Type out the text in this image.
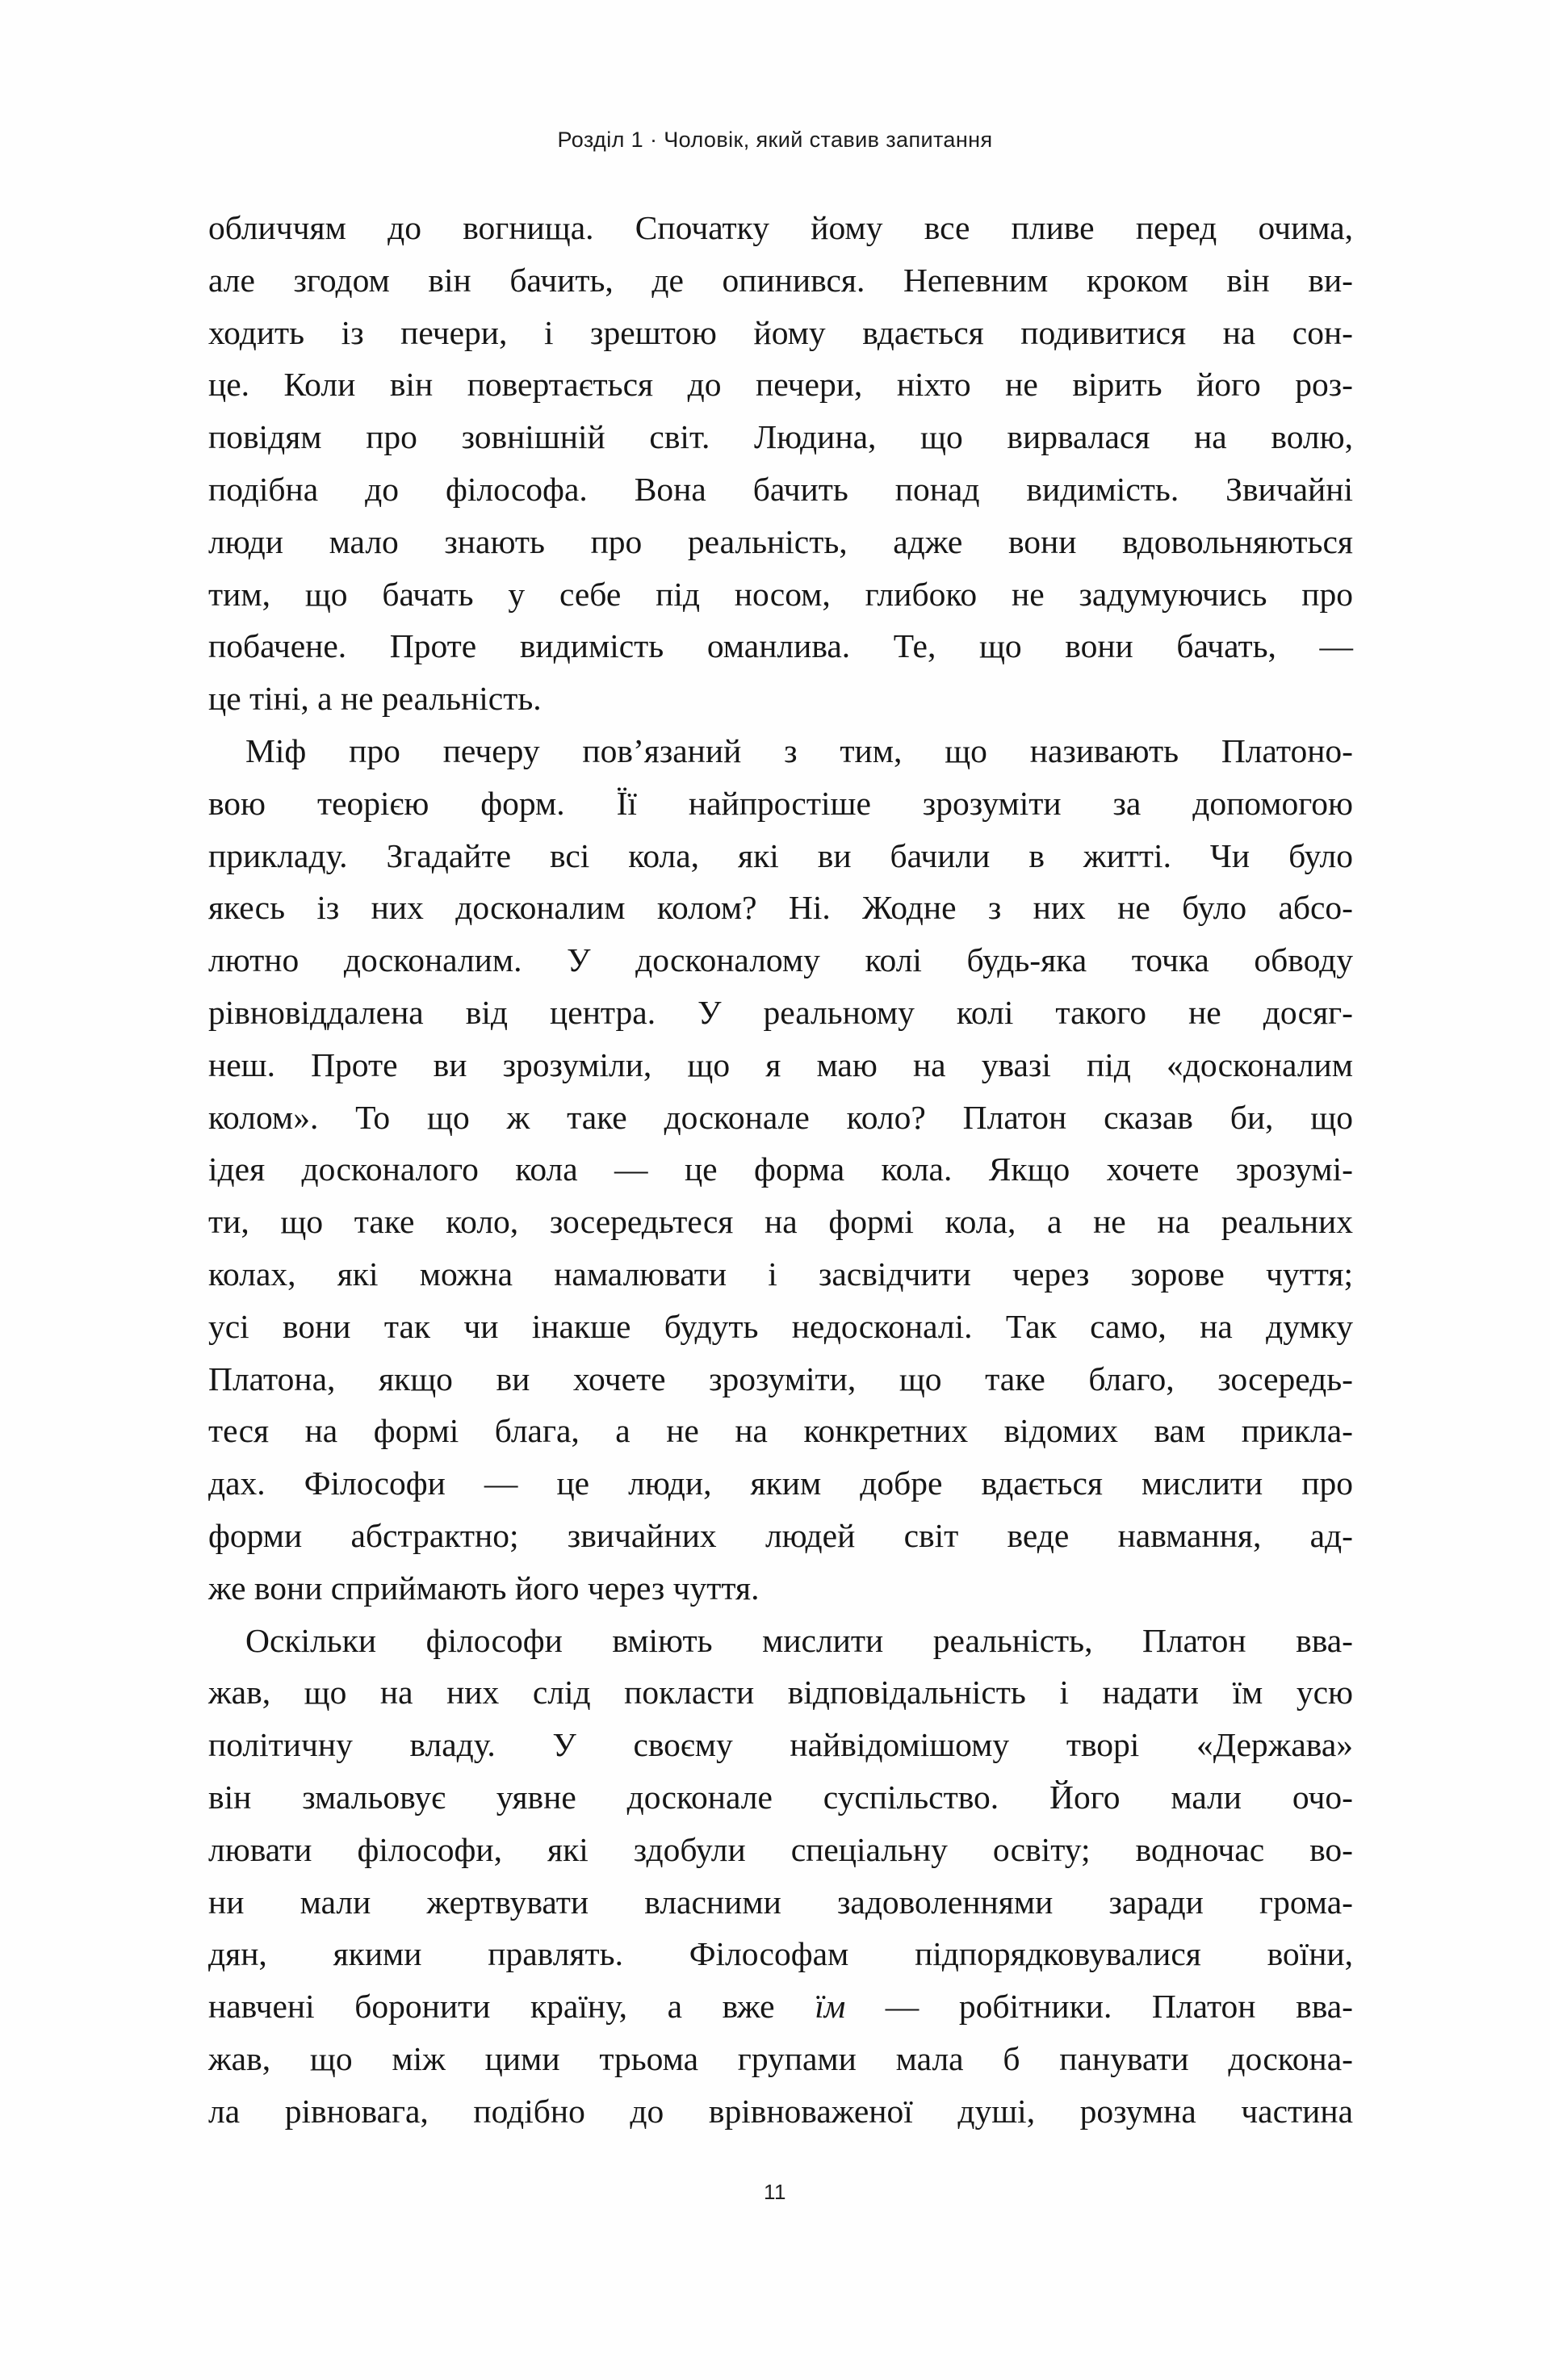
Розділ 1 · Чоловік, який ставив запитання
обличчям до вогнища. Спочатку йому все пливе перед очима,
але згодом він бачить, де опинився. Непевним кроком він ви-
ходить із печери, і зрештою йому вдається подивитися на сон-
це. Коли він повертається до печери, ніхто не вірить його роз-
повідям про зовнішній світ. Людина, що вирвалася на волю,
подібна до філософа. Вона бачить понад видимість. Звичайні
люди мало знають про реальність, адже вони вдовольняються
тим, що бачать у себе під носом, глибоко не задумуючись про
побачене. Проте видимість оманлива. Те, що вони бачать, —
це тіні, а не реальність.
Міф про печеру пов’язаний з тим, що називають Платоно-
вою теорією форм. Її найпростіше зрозуміти за допомогою
прикладу. Згадайте всі кола, які ви бачили в житті. Чи було
якесь із них досконалим колом? Ні. Жодне з них не було абсо-
лютно досконалим. У досконалому колі будь-яка точка обводу
рівновіддалена від центра. У реальному колі такого не досяг-
неш. Проте ви зрозуміли, що я маю на увазі під «досконалим
колом». То що ж таке досконале коло? Платон сказав би, що
ідея досконалого кола — це форма кола. Якщо хочете зрозумі-
ти, що таке коло, зосередьтеся на формі кола, а не на реальних
колах, які можна намалювати і засвідчити через зорове чуття;
усі вони так чи інакше будуть недосконалі. Так само, на думку
Платона, якщо ви хочете зрозуміти, що таке благо, зосередь-
теся на формі блага, а не на конкретних відомих вам прикла-
дах. Філософи — це люди, яким добре вдається мислити про
форми абстрактно; звичайних людей світ веде навмання, ад-
же вони сприймають його через чуття.
Оскільки філософи вміють мислити реальність, Платон вва-
жав, що на них слід покласти відповідальність і надати їм усю
політичну владу. У своєму найвідомішому творі «Держава»
він змальовує уявне досконале суспільство. Його мали очо-
лювати філософи, які здобули спеціальну освіту; водночас во-
ни мали жертвувати власними задоволеннями заради грома-
дян, якими правлять. Філософам підпорядковувалися воїни,
навчені боронити країну, а вже їм — робітники. Платон вва-
жав, що між цими трьома групами мала б панувати доскона-
ла рівновага, подібно до врівноваженої душі, розумна частина
11
